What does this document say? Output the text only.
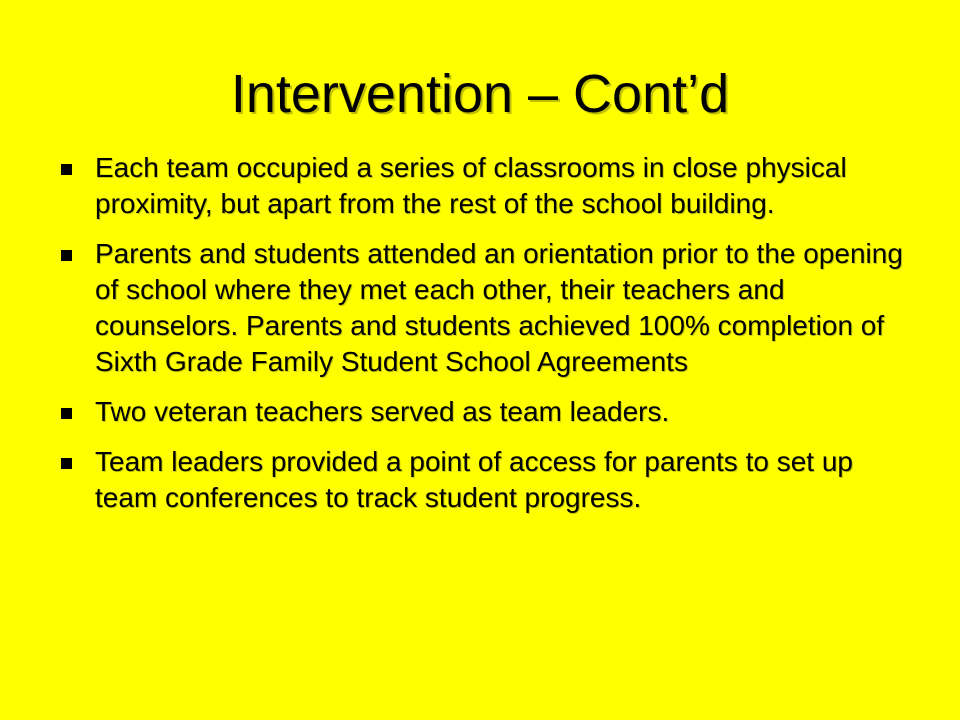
Intervention – Cont’d
Each team occupied a series of classrooms in close physical proximity, but apart from the rest of the school building.
Parents and students attended an orientation prior to the opening of school where they met each other, their teachers and counselors. Parents and students achieved 100% completion of Sixth Grade Family Student School Agreements
Two veteran teachers served as team leaders.
Team leaders provided a point of access for parents to set up team conferences to track student progress.
